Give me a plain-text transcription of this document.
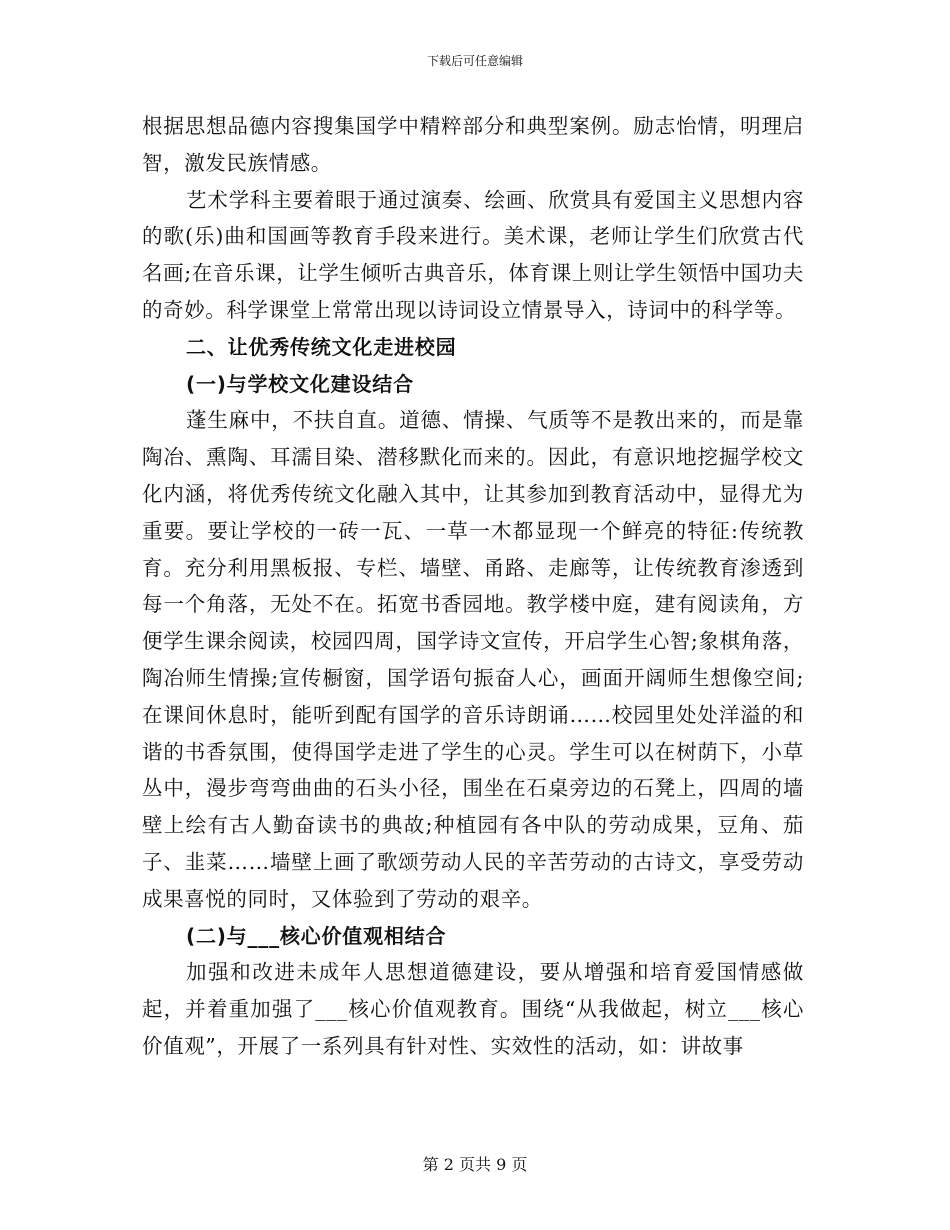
下载后可任意编辑

根据思想品德内容搜集国学中精粹部分和典型案例。励志怡情，明理启智，激发民族情感。

艺术学科主要着眼于通过演奏、绘画、欣赏具有爱国主义思想内容的歌(乐)曲和国画等教育手段来进行。美术课，老师让学生们欣赏古代名画;在音乐课，让学生倾听古典音乐，体育课上则让学生领悟中国功夫的奇妙。科学课堂上常常出现以诗词设立情景导入，诗词中的科学等。

二、让优秀传统文化走进校园

(一)与学校文化建设结合

蓬生麻中，不扶自直。道德、情操、气质等不是教出来的，而是靠陶冶、熏陶、耳濡目染、潜移默化而来的。因此，有意识地挖掘学校文化内涵，将优秀传统文化融入其中，让其参加到教育活动中，显得尤为重要。要让学校的一砖一瓦、一草一木都显现一个鲜亮的特征:传统教育。充分利用黑板报、专栏、墙壁、甬路、走廊等，让传统教育渗透到每一个角落，无处不在。拓宽书香园地。教学楼中庭，建有阅读角，方便学生课余阅读，校园四周，国学诗文宣传，开启学生心智;象棋角落，陶冶师生情操;宣传橱窗，国学语句振奋人心，画面开阔师生想像空间;在课间休息时，能听到配有国学的音乐诗朗诵……校园里处处洋溢的和谐的书香氛围，使得国学走进了学生的心灵。学生可以在树荫下，小草丛中，漫步弯弯曲曲的石头小径，围坐在石桌旁边的石凳上，四周的墙壁上绘有古人勤奋读书的典故;种植园有各中队的劳动成果，豆角、茄子、韭菜……墙壁上画了歌颂劳动人民的辛苦劳动的古诗文，享受劳动成果喜悦的同时，又体验到了劳动的艰辛。

(二)与___核心价值观相结合

加强和改进未成年人思想道德建设，要从增强和培育爱国情感做起，并着重加强了___核心价值观教育。围绕“从我做起，树立___核心价值观”，开展了一系列具有针对性、实效性的活动，如：讲故事

第 2 页共 9 页
